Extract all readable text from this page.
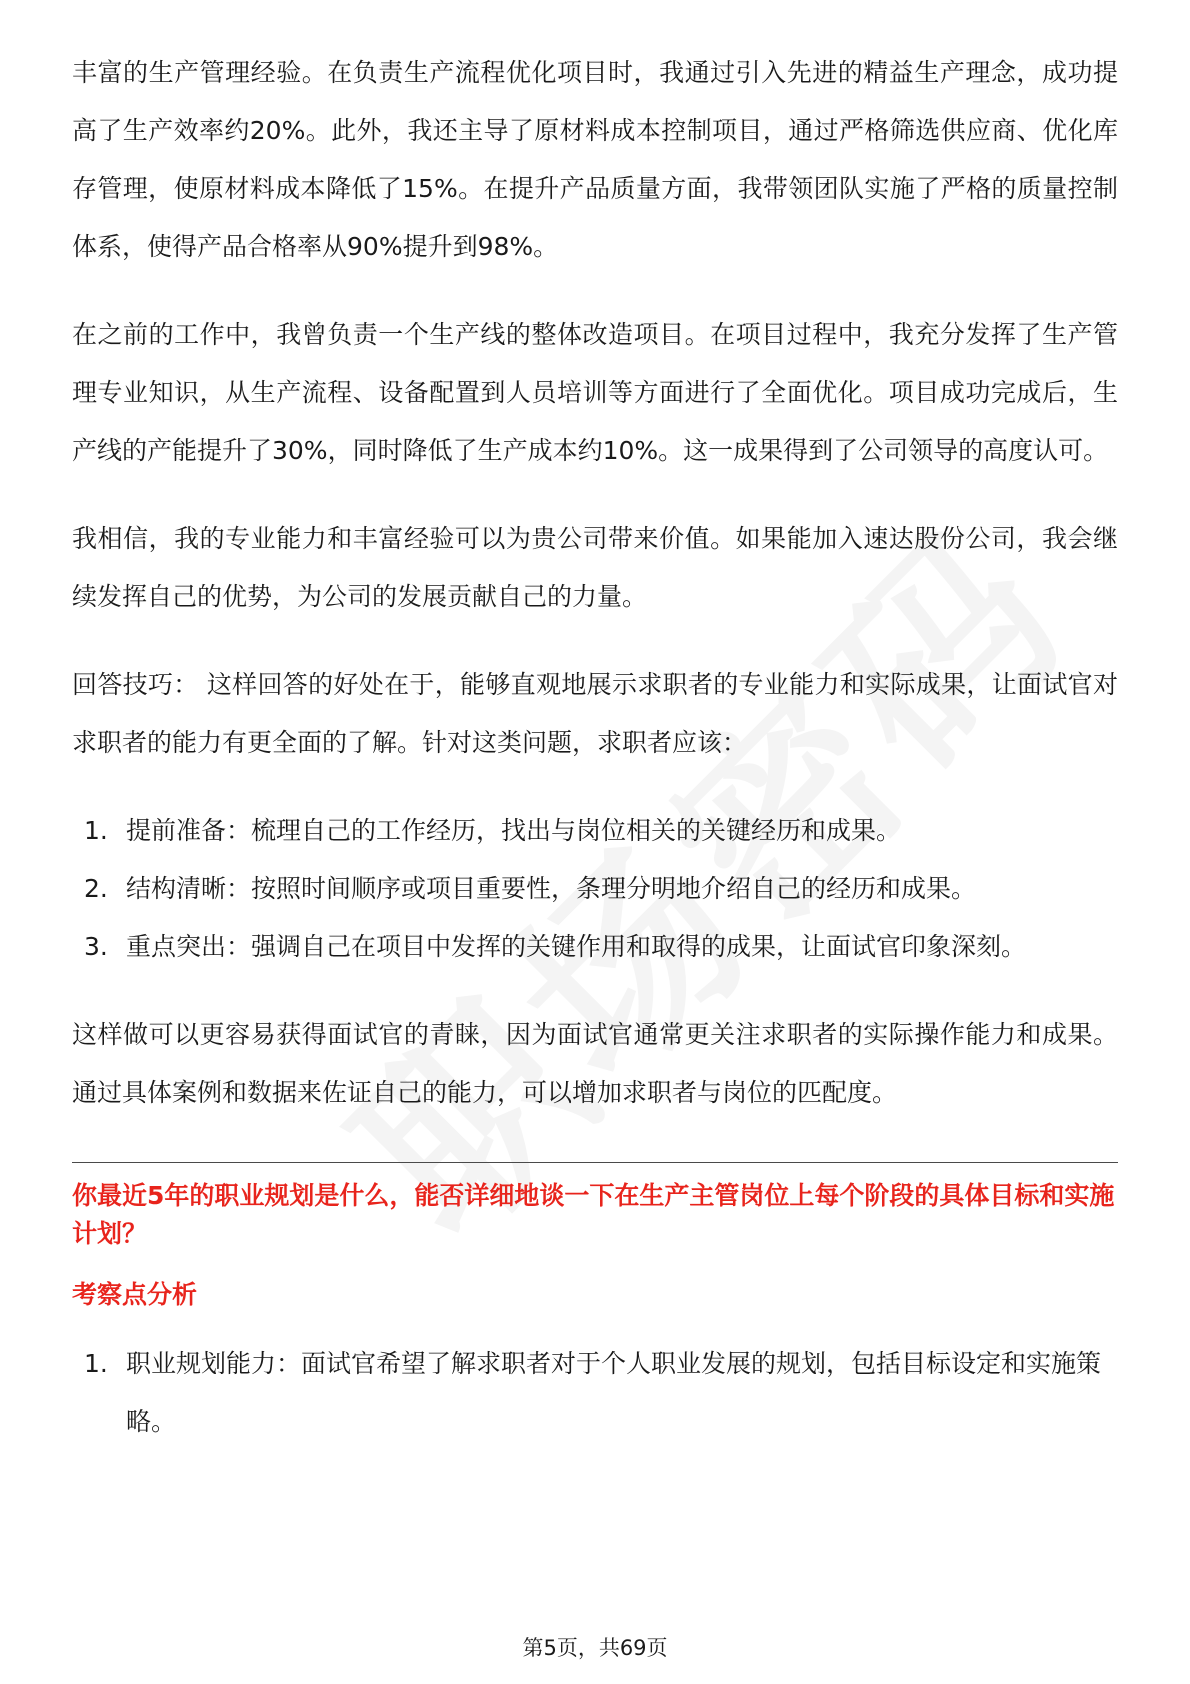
丰富的生产管理经验。在负责生产流程优化项目时，我通过引入先进的精益生产理念，成功提高了生产效率约20%。此外，我还主导了原材料成本控制项目，通过严格筛选供应商、优化库存管理，使原材料成本降低了15%。在提升产品质量方面，我带领团队实施了严格的质量控制体系，使得产品合格率从90%提升到98%。

在之前的工作中，我曾负责一个生产线的整体改造项目。在项目过程中，我充分发挥了生产管理专业知识，从生产流程、设备配置到人员培训等方面进行了全面优化。项目成功完成后，生产线的产能提升了30%，同时降低了生产成本约10%。这一成果得到了公司领导的高度认可。

我相信，我的专业能力和丰富经验可以为贵公司带来价值。如果能加入速达股份公司，我会继续发挥自己的优势，为公司的发展贡献自己的力量。

回答技巧： 这样回答的好处在于，能够直观地展示求职者的专业能力和实际成果，让面试官对求职者的能力有更全面的了解。针对这类问题，求职者应该：

1. 提前准备：梳理自己的工作经历，找出与岗位相关的关键经历和成果。
2. 结构清晰：按照时间顺序或项目重要性，条理分明地介绍自己的经历和成果。
3. 重点突出：强调自己在项目中发挥的关键作用和取得的成果，让面试官印象深刻。

这样做可以更容易获得面试官的青睐，因为面试官通常更关注求职者的实际操作能力和成果。通过具体案例和数据来佐证自己的能力，可以增加求职者与岗位的匹配度。

你最近5年的职业规划是什么，能否详细地谈一下在生产主管岗位上每个阶段的具体目标和实施计划？
考察点分析
1. 职业规划能力：面试官希望了解求职者对于个人职业发展的规划，包括目标设定和实施策略。
第5页，共69页
